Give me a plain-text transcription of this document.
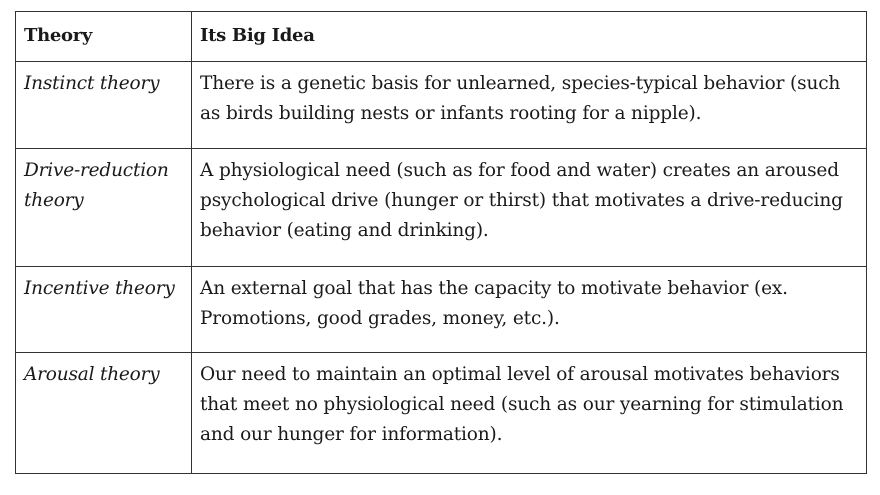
Theory	Its Big Idea
Instinct theory	There is a genetic basis for unlearned, species-typical behavior (such as birds building nests or infants rooting for a nipple).
Drive-reduction theory	A physiological need (such as for food and water) creates an aroused psychological drive (hunger or thirst) that motivates a drive-reducing behavior (eating and drinking).
Incentive theory	An external goal that has the capacity to motivate behavior (ex. Promotions, good grades, money, etc.).
Arousal theory	Our need to maintain an optimal level of arousal motivates behaviors that meet no physiological need (such as our yearning for stimulation and our hunger for information).
